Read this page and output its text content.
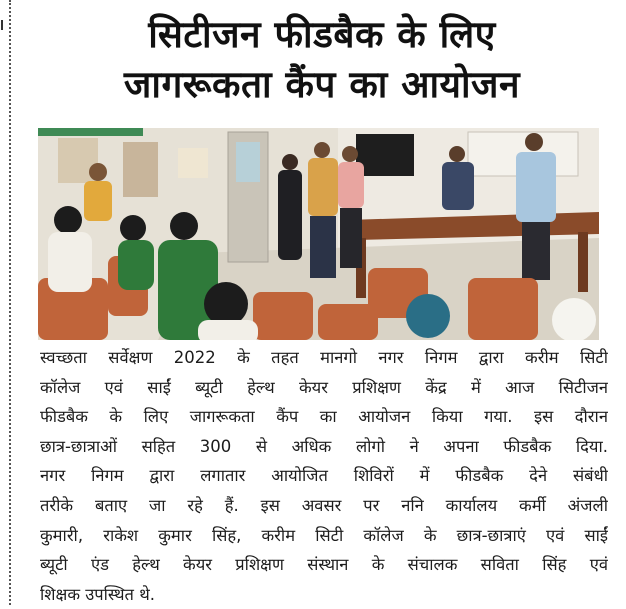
सिटीजन फीडबैक के लिए
जागरूकता कैंप का आयोजन
स्वच्छता सर्वेक्षण 2022 के तहत मानगो नगर निगम द्वारा करीम सिटी
कॉलेज एवं साईं ब्यूटी हेल्थ केयर प्रशिक्षण केंद्र में आज सिटीजन
फीडबैक के लिए जागरूकता कैंप का आयोजन किया गया. इस दौरान
छात्र-छात्राओं सहित 300 से अधिक लोगो ने अपना फीडबैक दिया.
नगर निगम द्वारा लगातार आयोजित शिविरों में फीडबैक देने संबंधी
तरीके बताए जा रहे हैं. इस अवसर पर ननि कार्यालय कर्मी अंजली
कुमारी, राकेश कुमार सिंह, करीम सिटी कॉलेज के छात्र-छात्राएं एवं साईं
ब्यूटी एंड हेल्थ केयर प्रशिक्षण संस्थान के संचालक सविता सिंह एवं
शिक्षक उपस्थित थे.
